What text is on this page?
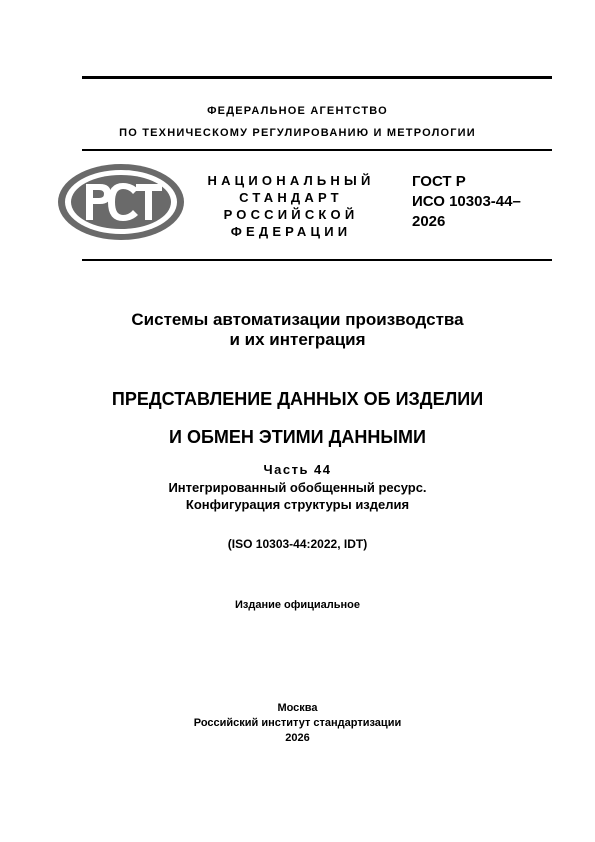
ФЕДЕРАЛЬНОЕ АГЕНТСТВО
ПО ТЕХНИЧЕСКОМУ РЕГУЛИРОВАНИЮ И МЕТРОЛОГИИ
НАЦИОНАЛЬНЫЙ
СТАНДАРТ
РОССИЙСКОЙ
ФЕДЕРАЦИИ
ГОСТ Р
ИСО 10303-44–
2026
Системы автоматизации производства
и их интеграция
ПРЕДСТАВЛЕНИЕ ДАННЫХ ОБ ИЗДЕЛИИ
И ОБМЕН ЭТИМИ ДАННЫМИ
Часть 44
Интегрированный обобщенный ресурс.
Конфигурация структуры изделия
(ISO 10303-44:2022, IDT)
Издание официальное
Москва
Российский институт стандартизации
2026
